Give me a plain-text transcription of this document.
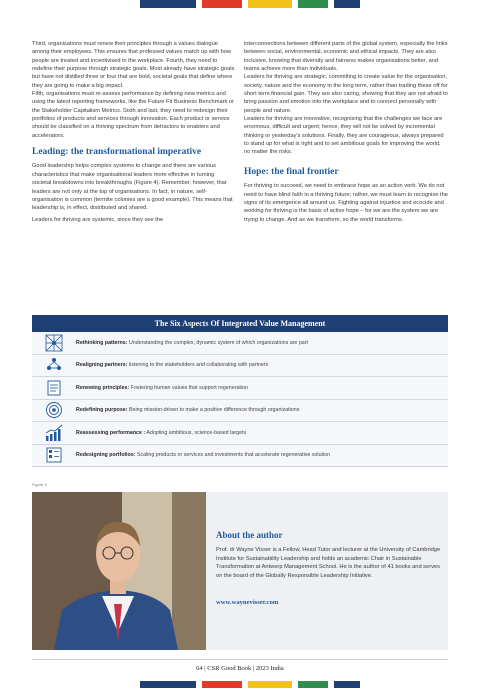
Third, organisations must renew their principles through a values dialogue among their employees. This ensures that professed values match up with how people are treated and incentivised in the workplace. Fourth, they need to redefine their purpose through strategic goals. Most already have strategic goals but have not distilled three or four that are bold, societal goals that define where they are going to make a big impact.

Fifth, organisations must re-assess performance by defining new metrics and using the latest reporting frameworks, like the Future Fit Business Benchmark or the Stakeholder Capitalism Metrics. Sixth and last, they need to redesign their portfolios of products and services through innovation. Each product or service should be classified on a thriving spectrum from detractors to enablers and accelerators.

Leading: the transformational imperative

Good leadership helps complex systems to change and there are various characteristics that make organisational leaders more effective in turning societal breakdowns into breakthroughs (Figure 4). Remember, however, that leaders are not only at the top of organisations. In fact, in nature, self-organisation is common (termite colonies are a good example). This means that leadership is, in effect, distributed and shared.

Leaders for thriving are systemic, since they see the

interconnections between different parts of the global system, especially the links between social, environmental, economic and ethical impacts. They are also inclusive, knowing that diversity and fairness makes organisations better, and teams achieve more than individuals.

Leaders for thriving are strategic, committing to create value for the organisation, society, nature and the economy in the long term, rather than trading these off for short term financial gain. They are also caring, showing that they are not afraid to bring passion and emotion into the workplace and to connect personally with people and nature.

Leaders for thriving are innovative, recognising that the challenges we face are enormous, difficult and urgent; hence, they will not be solved by incremental thinking or yesterday's solutions. Finally, they are courageous, always prepared to stand up for what is right and to set ambitious goals for improving the world, no matter the risks.

Hope: the final frontier

For thriving to succeed, we need to embrace hope as an action verb. We do not need to have blind faith in a thriving future; rather, we must learn to recognise the signs of its emergence all around us. Fighting against injustice and ecocide and working for thriving is the basis of active hope – for we are the system we are trying to change. And as we transform, so the world transforms.

The Six Aspects Of Integrated Value Management
Rethinking patterns: Understanding the complex, dynamic system of which organizations are part
Realigning partners: listening to the stakeholders and collaborating with partners
Renewing principles: Fostering human values that support regeneration
Redefining purpose: Being mission-driven to make a positive difference through organizations
Reassessing performance : Adopting ambitious, science-based targets
Redesigning portfolios: Scaling products or services and investments that accelerate regenerative solution
Figure 4
About the author
Prof. dr Wayne Visser is a Fellow, Head Tutor and lecturer at the University of Cambridge Institute for Sustainability Leadership and holds an academic Chair in Sustainable Transformation at Antwerp Management School. He is the author of 41 books and serves on the board of the Globally Responsible Leadership Initiative.
www.waynevisser.com
64 | CSR Good Book | 2023 India
